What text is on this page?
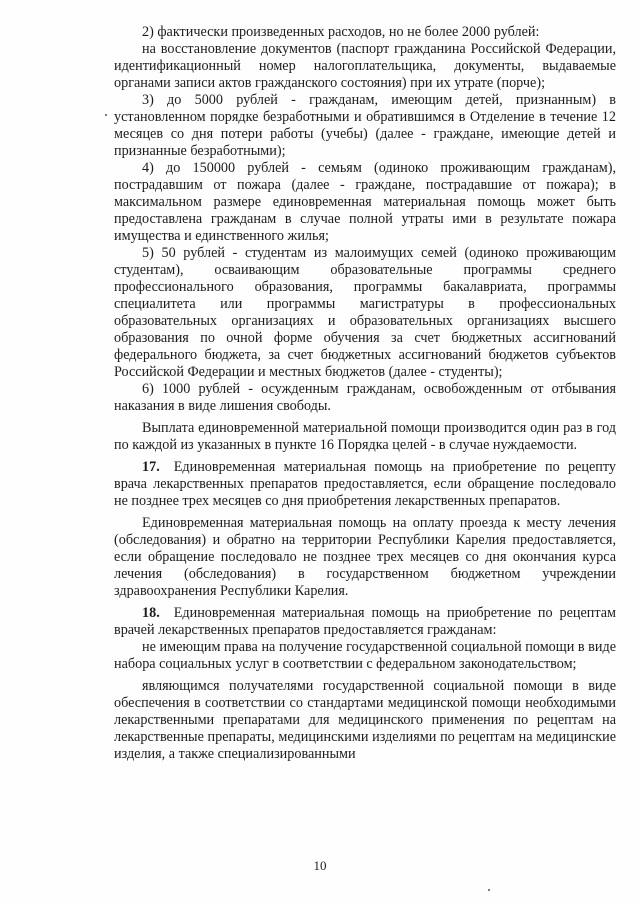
2) фактически произведенных расходов, но не более 2000 рублей:

на восстановление документов (паспорт гражданина Российской Федерации, идентификационный номер налогоплательщика, документы, выдаваемые органами записи актов гражданского состояния) при их утрате (порче);

3) до 5000 рублей - гражданам, имеющим детей, признанным) в установленном порядке безработными и обратившимся в Отделение в течение 12 месяцев со дня потери работы (учебы) (далее - граждане, имеющие детей и признанные безработными);

4) до 150000 рублей - семьям (одиноко проживающим гражданам), пострадавшим от пожара (далее - граждане, пострадавшие от пожара); в максимальном размере единовременная материальная помощь может быть предоставлена гражданам в случае полной утраты ими в результате пожара имущества и единственного жилья;

5) 50 рублей - студентам из малоимущих семей (одиноко проживающим студентам), осваивающим образовательные программы среднего профессионального образования, программы бакалавриата, программы специалитета или программы магистратуры в профессиональных образовательных организациях и образовательных организациях высшего образования по очной форме обучения за счет бюджетных ассигнований федерального бюджета, за счет бюджетных ассигнований бюджетов субъектов Российской Федерации и местных бюджетов (далее - студенты);

6) 1000 рублей - осужденным гражданам, освобожденным от отбывания наказания в виде лишения свободы.

Выплата единовременной материальной помощи производится один раз в год по каждой из указанных в пункте 16 Порядка целей - в случае нуждаемости.

17. Единовременная материальная помощь на приобретение по рецепту врача лекарственных препаратов предоставляется, если обращение последовало не позднее трех месяцев со дня приобретения лекарственных препаратов.

Единовременная материальная помощь на оплату проезда к месту лечения (обследования) и обратно на территории Республики Карелия предоставляется, если обращение последовало не позднее трех месяцев со дня окончания курса лечения (обследования) в государственном бюджетном учреждении здравоохранения Республики Карелия.

18. Единовременная материальная помощь на приобретение по рецептам врачей лекарственных препаратов предоставляется гражданам:

не имеющим права на получение государственной социальной помощи в виде набора социальных услуг в соответствии с федеральном законодательством;

являющимся получателями государственной социальной помощи в виде обеспечения в соответствии со стандартами медицинской помощи необходимыми лекарственными препаратами для медицинского применения по рецептам на лекарственные препараты, медицинскими изделиями по рецептам на медицинские изделия, а также специализированными

10
